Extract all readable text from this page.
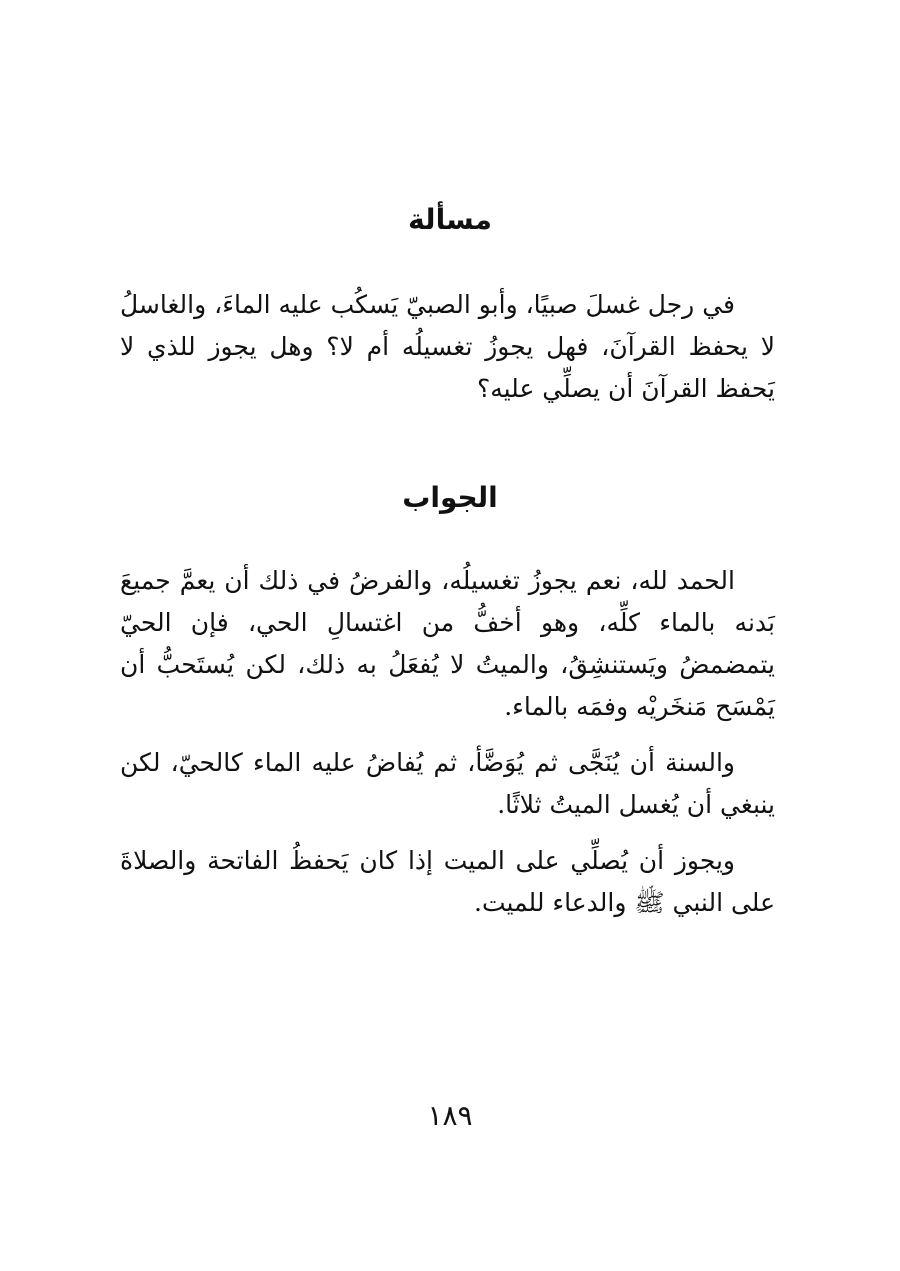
مسألة

في رجل غسلَ صبيًا، وأبو الصبيّ يَسكُب عليه الماءَ، والغاسلُ لا يحفظ القرآنَ، فهل يجوزُ تغسيلُه أم لا؟ وهل يجوز للذي لا يَحفظ القرآنَ أن يصلِّي عليه؟

الجواب

الحمد لله، نعم يجوزُ تغسيلُه، والفرضُ في ذلك أن يعمَّ جميعَ بَدنه بالماء كلِّه، وهو أخفُّ من اغتسالِ الحي، فإن الحيّ يتمضمضُ ويَستنشِقُ، والميتُ لا يُفعَلُ به ذلك، لكن يُستَحبُّ أن يَمْسَح مَنخَريْه وفمَه بالماء.

والسنة أن يُنَجَّى ثم يُوَضَّأ، ثم يُفاضُ عليه الماء كالحيّ، لكن ينبغي أن يُغسل الميتُ ثلاثًا.

ويجوز أن يُصلِّي على الميت إذا كان يَحفظُ الفاتحة والصلاةَ على النبي ﷺ والدعاء للميت.

١٨٩
